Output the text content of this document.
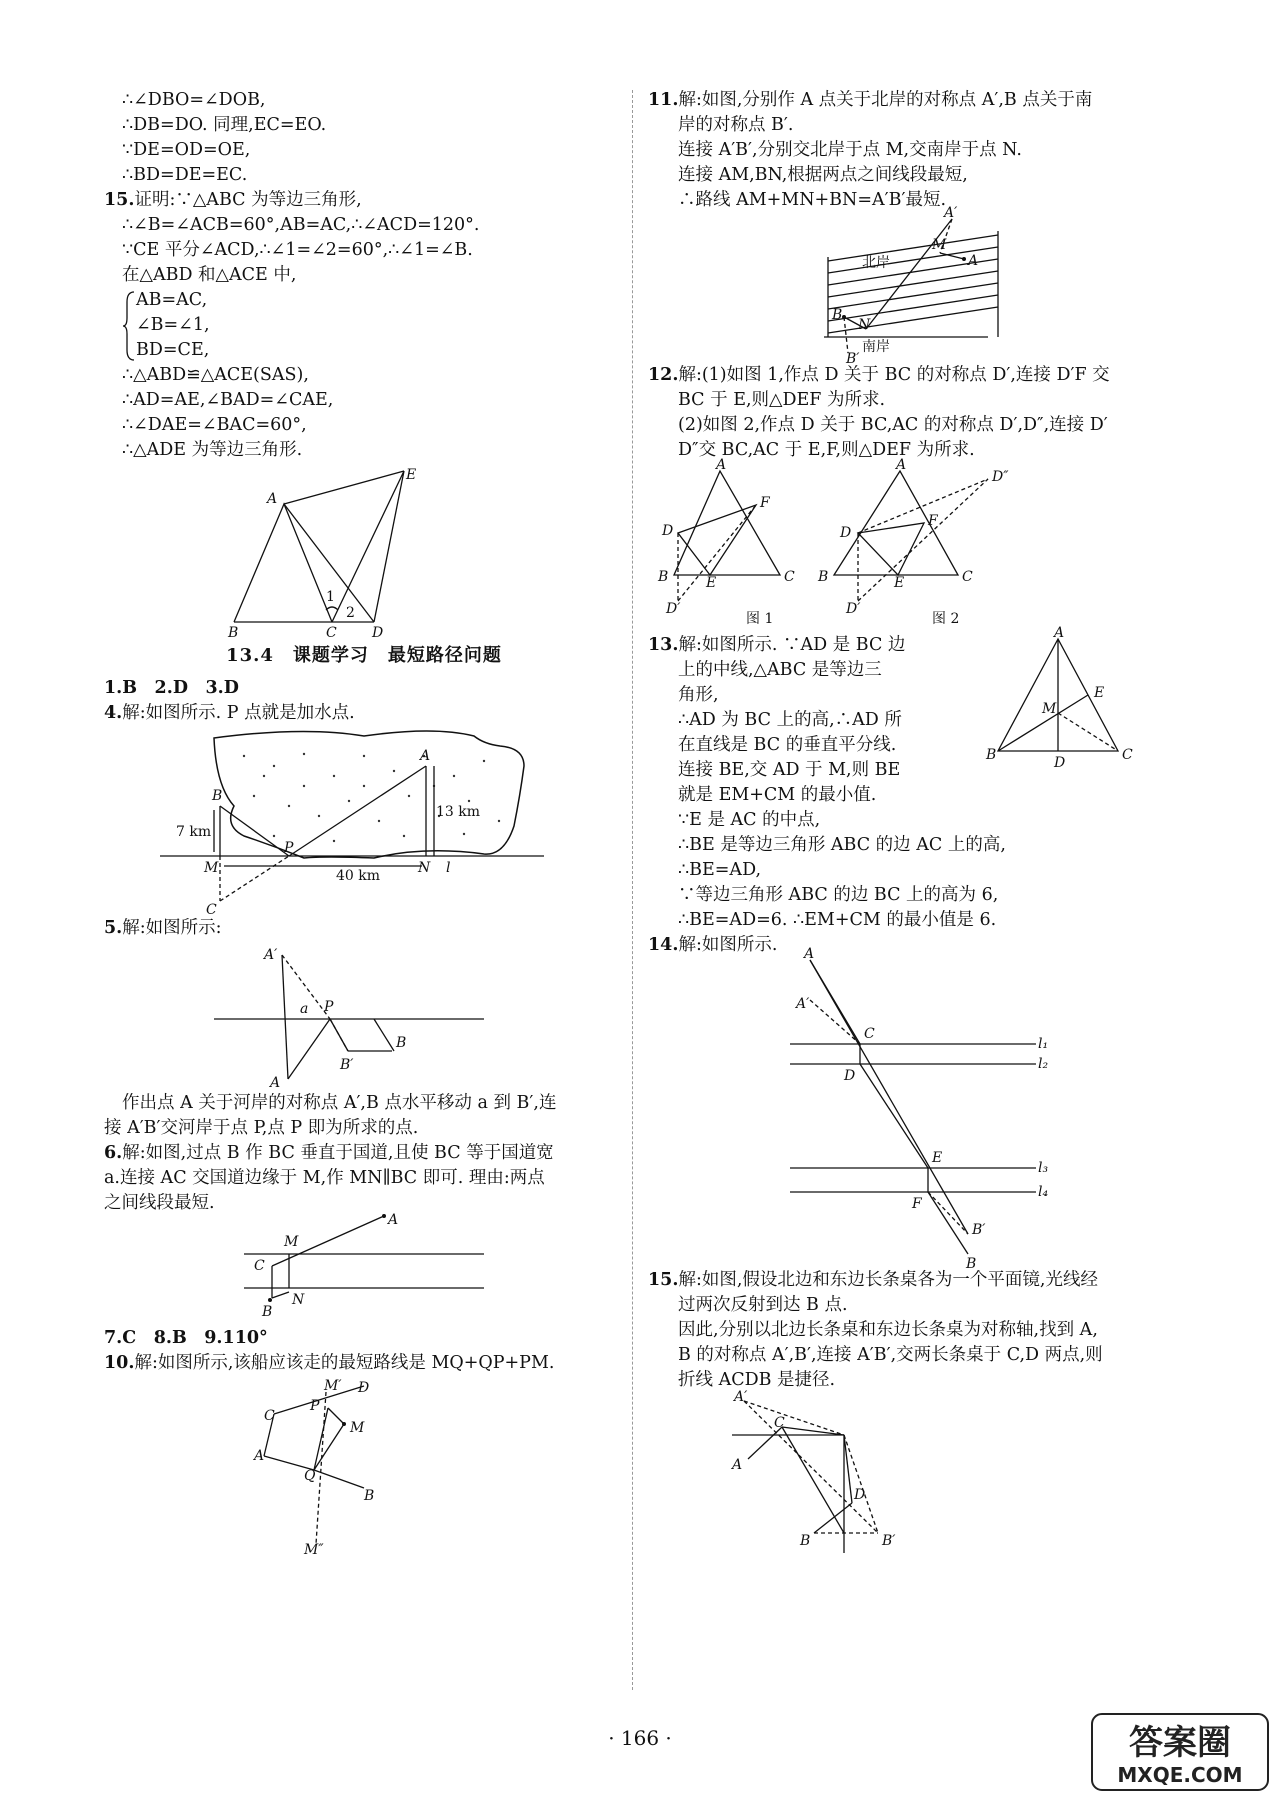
∴∠DBO=∠DOB,
∴DB=DO. 同理,EC=EO.
∵DE=OD=OE,
∴BD=DE=EC.
15.证明:∵△ABC 为等边三角形,
∴∠B=∠ACB=60°,AB=AC,∴∠ACD=120°.
∵CE 平分∠ACD,∴∠1=∠2=60°,∴∠1=∠B.
在△ABD 和△ACE 中,
AB=AC,
∠B=∠1,
BD=CE,
∴△ABD≌△ACE(SAS),
∴AD=AE,∠BAD=∠CAE,
∴∠DAE=∠BAC=60°,
∴△ADE 为等边三角形.
A
E
B	C	D
1
2
13.4　课题学习　最短路径问题
1.B　2.D　3.D
4.解:如图所示. P 点就是加水点.
B
A
P
M	N l
C
7 km
13 km
40 km
5.解:如图所示:
A′
P
a
B
B′
A
作出点 A 关于河岸的对称点 A′,B 点水平移动 a 到 B′,连
接 A′B′交河岸于点 P,点 P 即为所求的点.
6.解:如图,过点 B 作 BC 垂直于国道,且使 BC 等于国道宽
a.连接 AC 交国道边缘于 M,作 MN∥BC 即可. 理由:两点
之间线段最短.
A
M
C
B
N
7.C　8.B　9.110°
10.解:如图所示,该船应该走的最短路线是 MQ+QP+PM.
D
M′
P
C
M
A
Q
B
M″
11.解:如图,分别作 A 点关于北岸的对称点 A′,B 点关于南
岸的对称点 B′.
连接 A′B′,分别交北岸于点 M,交南岸于点 N.
连接 AM,BN,根据两点之间线段最短,
∴路线 AM+MN+BN=A′B′最短.
A′
M
A
北岸
B
N
南岸
B′
12.解:(1)如图 1,作点 D 关于 BC 的对称点 D′,连接 D′F 交
BC 于 E,则△DEF 为所求.
(2)如图 2,作点 D 关于 BC,AC 的对称点 D′,D″,连接 D′
D″交 BC,AC 于 E,F,则△DEF 为所求.
A
F
D
B	E	C
D′
图 1
A
D″
F
D
B	E	C
D′
图 2
A
M
E
B	D	C
13.解:如图所示. ∵AD 是 BC 边
上的中线,△ABC 是等边三
角形,
∴AD 为 BC 上的高,∴AD 所
在直线是 BC 的垂直平分线.
连接 BE,交 AD 于 M,则 BE
就是 EM+CM 的最小值.
∵E 是 AC 的中点,
∴BE 是等边三角形 ABC 的边 AC 上的高,
∴BE=AD,
∵等边三角形 ABC 的边 BC 上的高为 6,
∴BE=AD=6. ∴EM+CM 的最小值是 6.
14.解:如图所示.	A
A′
C
l₁
D
l₂
E
l₃
F
l₄
B′
B
15.解:如图,假设北边和东边长条桌各为一个平面镜,光线经
过两次反射到达 B 点.
因此,分别以北边长条桌和东边长条桌为对称轴,找到 A,
B 的对称点 A′,B′,连接 A′B′,交两长条桌于 C,D 两点,则
折线 ACDB 是捷径.
A′
C
A
D
B	B′
· 166 ·	答案圈
MXQE.COM
